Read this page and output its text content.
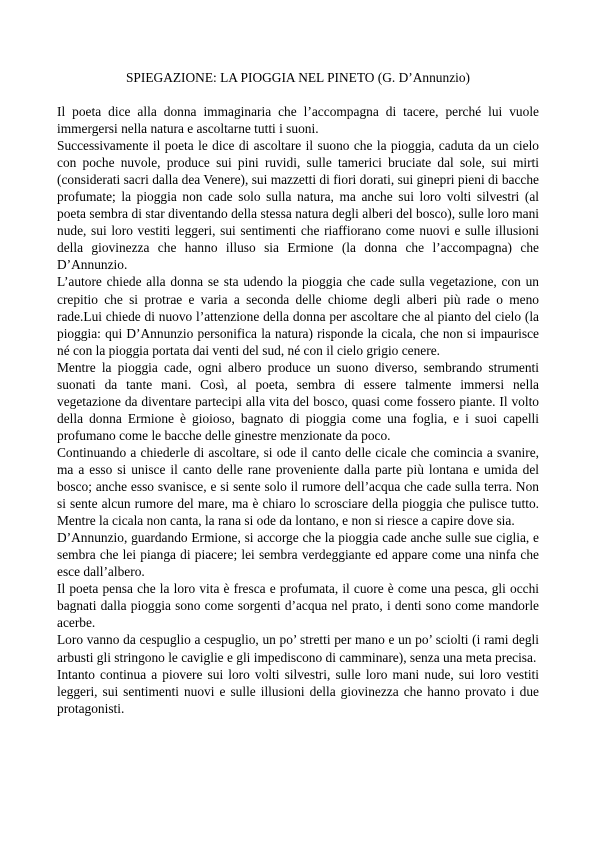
SPIEGAZIONE: LA PIOGGIA NEL PINETO (G. D’Annunzio)

Il poeta dice alla donna immaginaria che l’accompagna di tacere, perché lui vuole immergersi nella natura e ascoltarne tutti i suoni.

Successivamente il poeta le dice di ascoltare il suono che la pioggia, caduta da un cielo con poche nuvole, produce sui pini ruvidi, sulle tamerici bruciate dal sole, sui mirti (considerati sacri dalla dea Venere), sui mazzetti di fiori dorati, sui ginepri pieni di bacche profumate; la pioggia non cade solo sulla natura, ma anche sui loro volti silvestri (al poeta sembra di star diventando della stessa natura degli alberi del bosco), sulle loro mani nude, sui loro vestiti leggeri, sui sentimenti che riaffiorano come nuovi e sulle illusioni della giovinezza che hanno illuso sia Ermione (la donna che l’accompagna) che D’Annunzio.

L’autore chiede alla donna se sta udendo la pioggia che cade sulla vegetazione, con un crepitio che si protrae e varia a seconda delle chiome degli alberi più rade o meno rade.Lui chiede di nuovo l’attenzione della donna per ascoltare che al pianto del cielo (la pioggia: qui D’Annunzio personifica la natura) risponde la cicala, che non si impaurisce né con la pioggia portata dai venti del sud, né con il cielo grigio cenere.

Mentre la pioggia cade, ogni albero produce un suono diverso, sembrando strumenti suonati da tante mani. Così, al poeta, sembra di essere talmente immersi nella vegetazione da diventare partecipi alla vita del bosco, quasi come fossero piante. Il volto della donna Ermione è gioioso, bagnato di pioggia come una foglia, e i suoi capelli profumano come le bacche delle ginestre menzionate da poco.

Continuando a chiederle di ascoltare, si ode il canto delle cicale che comincia a svanire, ma a esso si unisce il canto delle rane proveniente dalla parte più lontana e umida del bosco; anche esso svanisce, e si sente solo il rumore dell’acqua che cade sulla terra. Non si sente alcun rumore del mare, ma è chiaro lo scrosciare della pioggia che pulisce tutto. Mentre la cicala non canta, la rana si ode da lontano, e non si riesce a capire dove sia.

D’Annunzio, guardando Ermione, si accorge che la pioggia cade anche sulle sue ciglia, e sembra che lei pianga di piacere; lei sembra verdeggiante ed appare come una ninfa che esce dall’albero.

Il poeta pensa che la loro vita è fresca e profumata, il cuore è come una pesca, gli occhi bagnati dalla pioggia sono come sorgenti d’acqua nel prato, i denti sono come mandorle acerbe.

Loro vanno da cespuglio a cespuglio, un po’ stretti per mano e un po’ sciolti (i rami degli arbusti gli stringono le caviglie e gli impediscono di camminare), senza una meta precisa.

Intanto continua a piovere sui loro volti silvestri, sulle loro mani nude, sui loro vestiti leggeri, sui sentimenti nuovi e sulle illusioni della giovinezza che hanno provato i due protagonisti.
